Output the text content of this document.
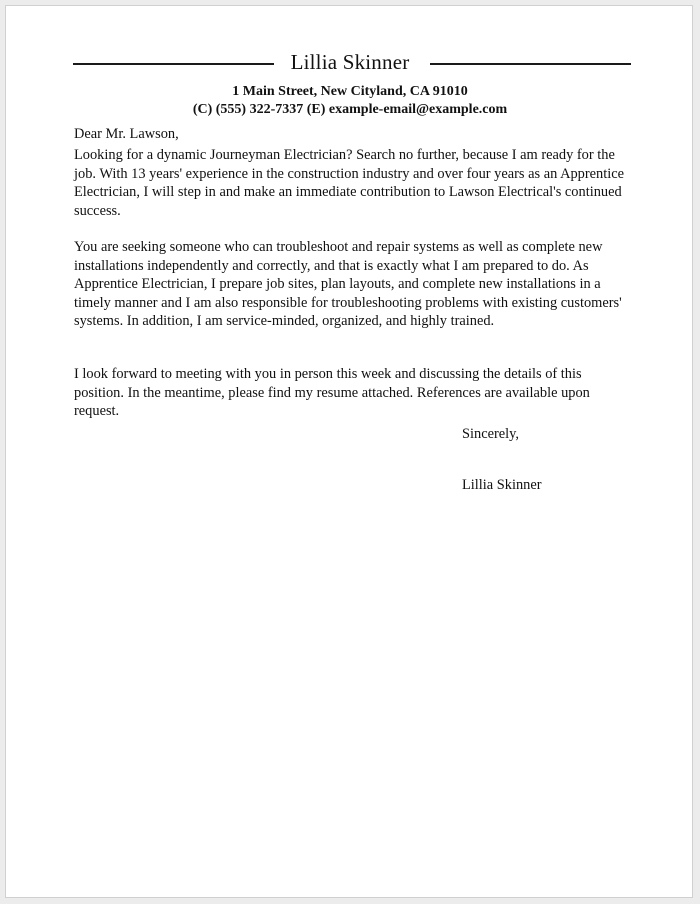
Lillia Skinner
1 Main Street, New Cityland, CA 91010
(C) (555) 322-7337 (E) example-email@example.com
Dear Mr. Lawson,
Looking for a dynamic Journeyman Electrician? Search no further, because I am ready for the job. With 13 years' experience in the construction industry and over four years as an Apprentice Electrician, I will step in and make an immediate contribution to Lawson Electrical's continued success.
You are seeking someone who can troubleshoot and repair systems as well as complete new installations independently and correctly, and that is exactly what I am prepared to do. As Apprentice Electrician, I prepare job sites, plan layouts, and complete new installations in a timely manner and I am also responsible for troubleshooting problems with existing customers' systems. In addition, I am service-minded, organized, and highly trained.
I look forward to meeting with you in person this week and discussing the details of this position. In the meantime, please find my resume attached. References are available upon request.
Sincerely,
Lillia Skinner
